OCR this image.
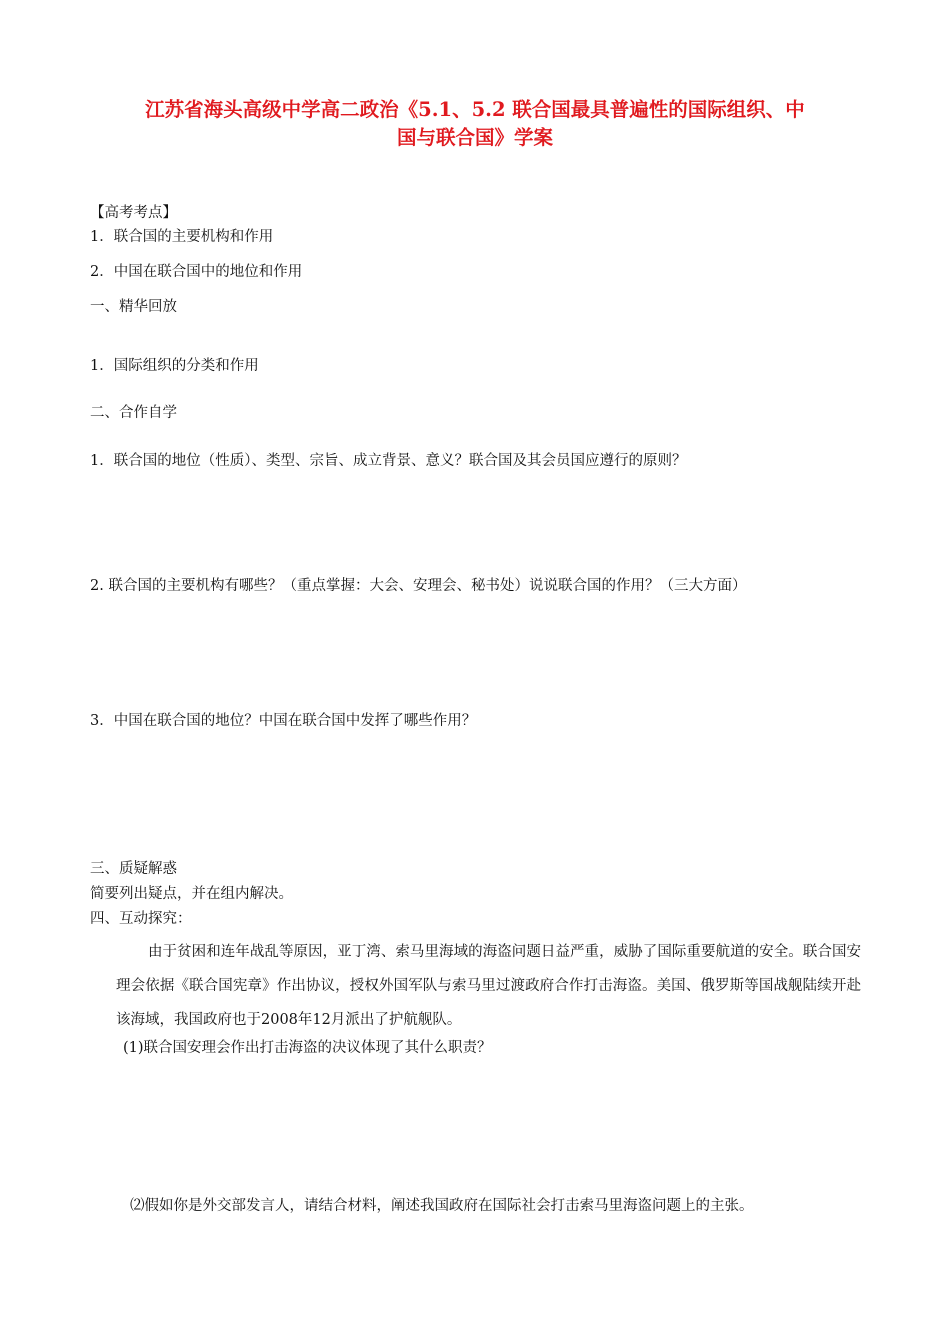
江苏省海头高级中学高二政治《5.1、5.2 联合国最具普遍性的国际组织、中
国与联合国》学案

【高考考点】

1．联合国的主要机构和作用

2．中国在联合国中的地位和作用

一、精华回放

1．国际组织的分类和作用

二、合作自学

1．联合国的地位（性质）、类型、宗旨、成立背景、意义？联合国及其会员国应遵行的原则？

2. 联合国的主要机构有哪些？（重点掌握：大会、安理会、秘书处）说说联合国的作用？（三大方面）

3．中国在联合国的地位？中国在联合国中发挥了哪些作用？

三、质疑解惑

简要列出疑点，并在组内解决。

四、互动探究：

由于贫困和连年战乱等原因，亚丁湾、索马里海域的海盗问题日益严重，威胁了国际重要航道的安全。联合国安理会依据《联合国宪章》作出协议，授权外国军队与索马里过渡政府合作打击海盗。美国、俄罗斯等国战舰陆续开赴该海域，我国政府也于2008年12月派出了护航舰队。

(1)联合国安理会作出打击海盗的决议体现了其什么职责？

⑵假如你是外交部发言人，请结合材料，阐述我国政府在国际社会打击索马里海盗问题上的主张。
